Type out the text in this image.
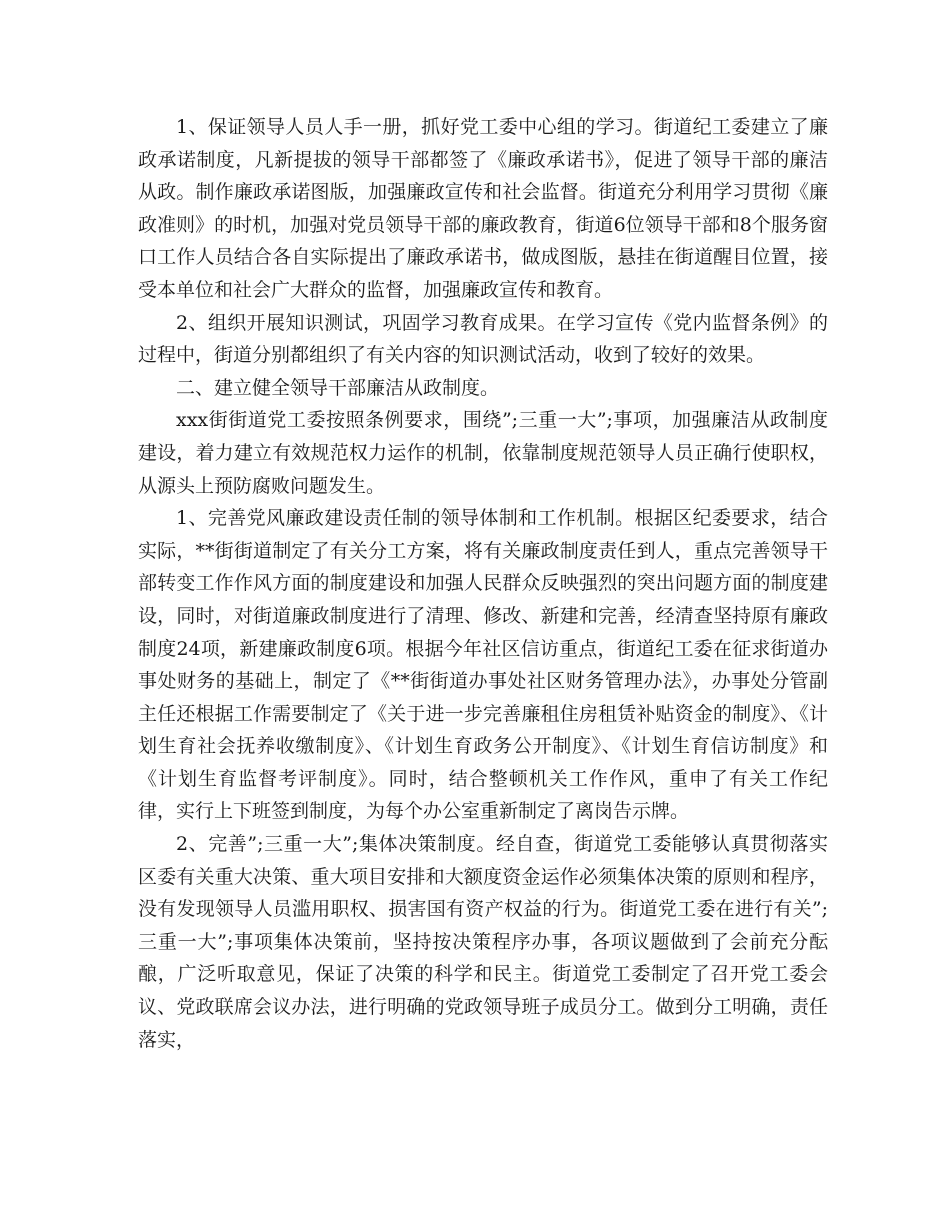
1、保证领导人员人手一册，抓好党工委中心组的学习。街道纪工委建立了廉政承诺制度，凡新提拔的领导干部都签了《廉政承诺书》，促进了领导干部的廉洁从政。制作廉政承诺图版，加强廉政宣传和社会监督。街道充分利用学习贯彻《廉政准则》的时机，加强对党员领导干部的廉政教育，街道6位领导干部和8个服务窗口工作人员结合各自实际提出了廉政承诺书，做成图版，悬挂在街道醒目位置，接受本单位和社会广大群众的监督，加强廉政宣传和教育。

2、组织开展知识测试，巩固学习教育成果。在学习宣传《党内监督条例》的过程中，街道分别都组织了有关内容的知识测试活动，收到了较好的效果。

二、建立健全领导干部廉洁从政制度。

xxx街街道党工委按照条例要求，围绕”;三重一大”;事项，加强廉洁从政制度建设，着力建立有效规范权力运作的机制，依靠制度规范领导人员正确行使职权，从源头上预防腐败问题发生。

1、完善党风廉政建设责任制的领导体制和工作机制。根据区纪委要求，结合实际，**街街道制定了有关分工方案，将有关廉政制度责任到人，重点完善领导干部转变工作作风方面的制度建设和加强人民群众反映强烈的突出问题方面的制度建设，同时，对街道廉政制度进行了清理、修改、新建和完善，经清查坚持原有廉政制度24项，新建廉政制度6项。根据今年社区信访重点，街道纪工委在征求街道办事处财务的基础上，制定了《**街街道办事处社区财务管理办法》，办事处分管副主任还根据工作需要制定了《关于进一步完善廉租住房租赁补贴资金的制度》、《计划生育社会抚养收缴制度》、《计划生育政务公开制度》、《计划生育信访制度》和《计划生育监督考评制度》。同时，结合整顿机关工作作风，重申了有关工作纪律，实行上下班签到制度，为每个办公室重新制定了离岗告示牌。

2、完善”;三重一大”;集体决策制度。经自查，街道党工委能够认真贯彻落实区委有关重大决策、重大项目安排和大额度资金运作必须集体决策的原则和程序，没有发现领导人员滥用职权、损害国有资产权益的行为。街道党工委在进行有关”;三重一大”;事项集体决策前，坚持按决策程序办事，各项议题做到了会前充分酝酿，广泛听取意见，保证了决策的科学和民主。街道党工委制定了召开党工委会议、党政联席会议办法，进行明确的党政领导班子成员分工。做到分工明确，责任落实，
